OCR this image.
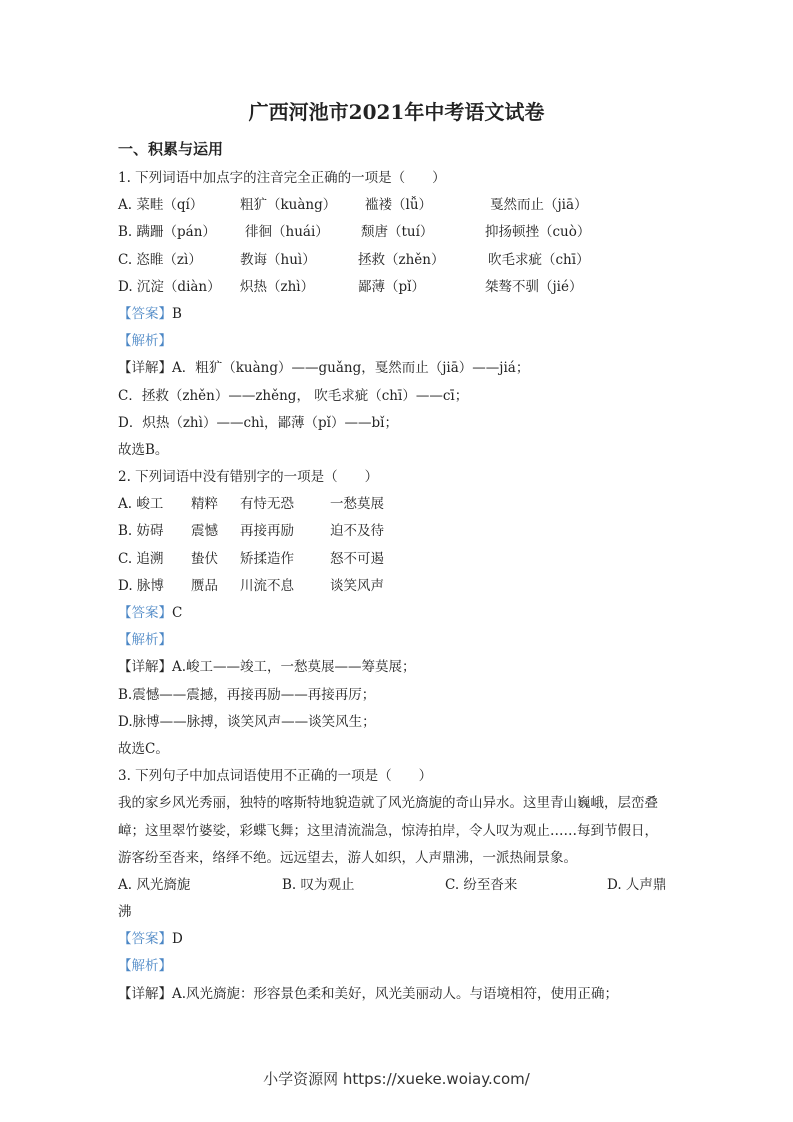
广西河池市2021年中考语文试卷
一、积累与运用
1. 下列词语中加点字的注音完全正确的一项是（　　）
A. 菜畦（qí）	粗犷（kuàng） 褴褛（lǚ）	戛然而止（jiā）
B. 蹒跚（pán） 徘徊（huái） 颓唐（tuí）	抑扬顿挫（cuò）
C. 恣睢（zì）	教诲（huì）	拯救（zhěn）	吹毛求疵（chī）
D. 沉淀（diàn） 炽热（zhì）	鄙薄（pǐ）	桀骜不驯（jié）
【答案】B
【解析】
【详解】A．粗犷（kuàng）——guǎng，戛然而止（jiā）——jiá；
C．拯救（zhěn）——zhěng， 吹毛求疵（chī）——cī；
D．炽热（zhì）——chì，鄙薄（pǐ）——bǐ；
故选B。
2. 下列词语中没有错别字的一项是（　　）
A. 峻工 精粹 有恃无恐	一愁莫展
B. 妨碍 震憾 再接再励	迫不及待
C. 追溯 蛰伏 矫揉造作	怒不可遏
D. 脉博 赝品 川流不息	谈笑风声
【答案】C
【解析】
【详解】A.峻工——竣工，一愁莫展——筹莫展；
B.震憾——震撼，再接再励——再接再厉；
D.脉博——脉搏，谈笑风声——谈笑风生；
故选C。
3. 下列句子中加点词语使用不正确的一项是（　　）
我的家乡风光秀丽，独特的喀斯特地貌造就了风光旖旎的奇山异水。这里青山巍峨，层峦叠
嶂；这里翠竹婆娑，彩蝶飞舞；这里清流湍急，惊涛拍岸，令人叹为观止……每到节假日，
游客纷至沓来，络绎不绝。远远望去，游人如织，人声鼎沸，一派热闹景象。
A. 风光旖旎	B. 叹为观止	C. 纷至沓来	D. 人声鼎
沸
【答案】D
【解析】
【详解】A.风光旖旎：形容景色柔和美好，风光美丽动人。与语境相符，使用正确；
小学资源网 https://xueke.woiay.com/
